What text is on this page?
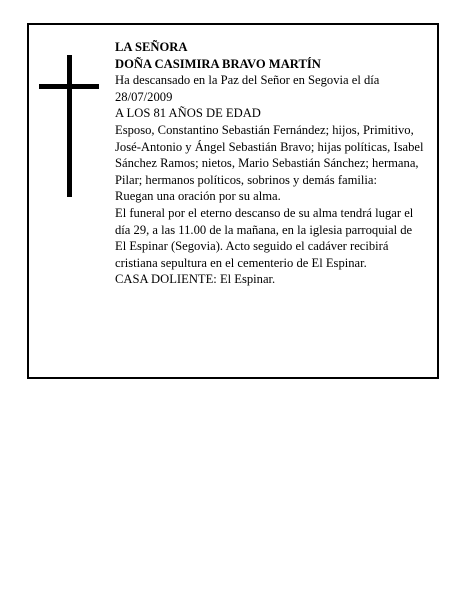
LA SEÑORA

DOÑA CASIMIRA BRAVO MARTÍN

Ha descansado en la Paz del Señor en Segovia el día 28/07/2009

A LOS 81 AÑOS DE EDAD

Esposo, Constantino Sebastián Fernández; hijos, Primitivo, José-Antonio y Ángel Sebastián Bravo; hijas políticas, Isabel Sánchez Ramos; nietos, Mario Sebastián Sánchez; hermana, Pilar; hermanos políticos, sobrinos y demás familia:

Ruegan una oración por su alma.

El funeral por el eterno descanso de su alma tendrá lugar el día 29, a las 11.00 de la mañana, en la iglesia parroquial de El Espinar (Segovia). Acto seguido el cadáver recibirá cristiana sepultura en el cementerio de El Espinar.

CASA DOLIENTE: El Espinar.
